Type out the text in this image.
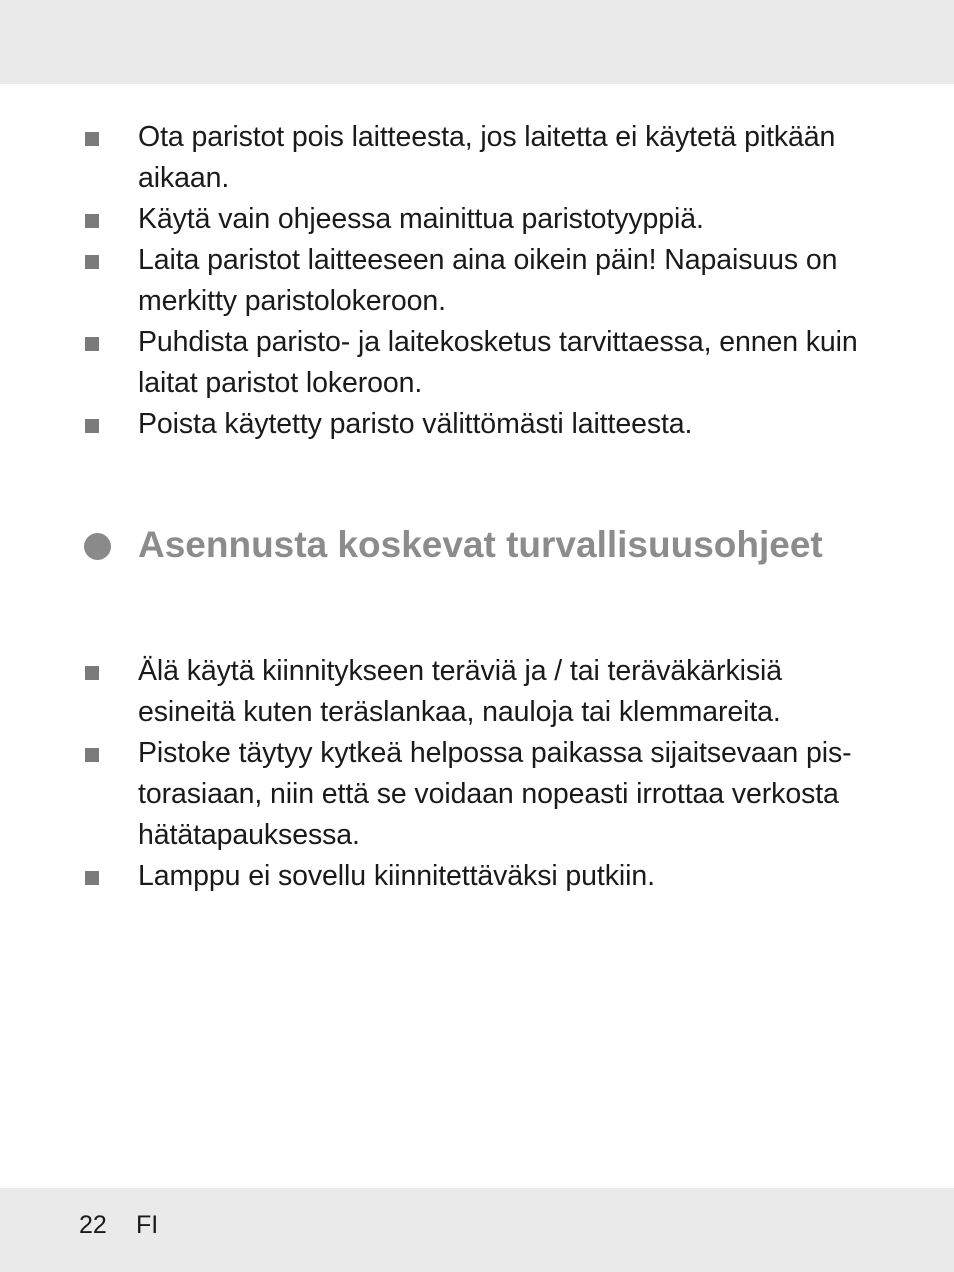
Ota paristot pois laitteesta, jos laitetta ei käytetä pitkään aikaan.
Käytä vain ohjeessa mainittua paristotyyppiä.
Laita paristot laitteeseen aina oikein päin! Napaisuus on merkitty paristolokeroon.
Puhdista paristo- ja laitekosketus tarvittaessa, ennen kuin laitat paristot lokeroon.
Poista käytetty paristo välittömästi laitteesta.
Asennusta koskevat turvallisuusohjeet
Älä käytä kiinnitykseen teräviä ja / tai teräväkärkisiä esineitä kuten teräslankaa, nauloja tai klemmareita.
Pistoke täytyy kytkeä helpossa paikassa sijaitsevaan pis-torasiaan, niin että se voidaan nopeasti irrottaa verkosta hätätapauksessa.
Lamppu ei sovellu kiinnitettäväksi putkiin.
22 FI
